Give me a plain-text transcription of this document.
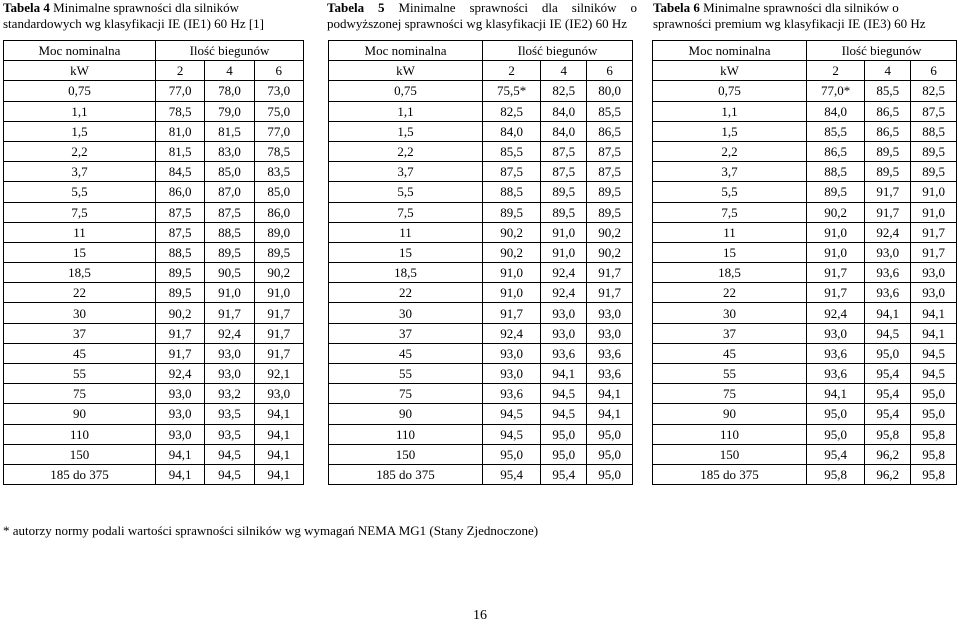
Tabela 4 Minimalne sprawności dla silników standardowych wg klasyfikacji IE (IE1) 60 Hz [1]
Tabela 5 Minimalne sprawności dla silników o podwyższonej sprawności wg klasyfikacji IE (IE2) 60 Hz
Tabela 6 Minimalne sprawności dla silników o sprawności premium wg klasyfikacji IE (IE3) 60 Hz
Moc nominalna	Ilość biegunów		
kW	2	4	6
0,75	77,0	78,0	73,0
1,1	78,5	79,0	75,0
1,5	81,0	81,5	77,0
2,2	81,5	83,0	78,5
3,7	84,5	85,0	83,5
5,5	86,0	87,0	85,0
7,5	87,5	87,5	86,0
11	87,5	88,5	89,0
15	88,5	89,5	89,5
18,5	89,5	90,5	90,2
22	89,5	91,0	91,0
30	90,2	91,7	91,7
37	91,7	92,4	91,7
45	91,7	93,0	91,7
55	92,4	93,0	92,1
75	93,0	93,2	93,0
90	93,0	93,5	94,1
110	93,0	93,5	94,1
150	94,1	94,5	94,1
185 do 375	94,1	94,5	94,1
Moc nominalna	Ilość biegunów		
kW	2	4	6
0,75	75,5*	82,5	80,0
1,1	82,5	84,0	85,5
1,5	84,0	84,0	86,5
2,2	85,5	87,5	87,5
3,7	87,5	87,5	87,5
5,5	88,5	89,5	89,5
7,5	89,5	89,5	89,5
11	90,2	91,0	90,2
15	90,2	91,0	90,2
18,5	91,0	92,4	91,7
22	91,0	92,4	91,7
30	91,7	93,0	93,0
37	92,4	93,0	93,0
45	93,0	93,6	93,6
55	93,0	94,1	93,6
75	93,6	94,5	94,1
90	94,5	94,5	94,1
110	94,5	95,0	95,0
150	95,0	95,0	95,0
185 do 375	95,4	95,4	95,0
Moc nominalna	Ilość biegunów		
kW	2	4	6
0,75	77,0*	85,5	82,5
1,1	84,0	86,5	87,5
1,5	85,5	86,5	88,5
2,2	86,5	89,5	89,5
3,7	88,5	89,5	89,5
5,5	89,5	91,7	91,0
7,5	90,2	91,7	91,0
11	91,0	92,4	91,7
15	91,0	93,0	91,7
18,5	91,7	93,6	93,0
22	91,7	93,6	93,0
30	92,4	94,1	94,1
37	93,0	94,5	94,1
45	93,6	95,0	94,5
55	93,6	95,4	94,5
75	94,1	95,4	95,0
90	95,0	95,4	95,0
110	95,0	95,8	95,8
150	95,4	96,2	95,8
185 do 375	95,8	96,2	95,8
* autorzy normy podali wartości sprawności silników wg wymagań NEMA MG1 (Stany Zjednoczone)
16
